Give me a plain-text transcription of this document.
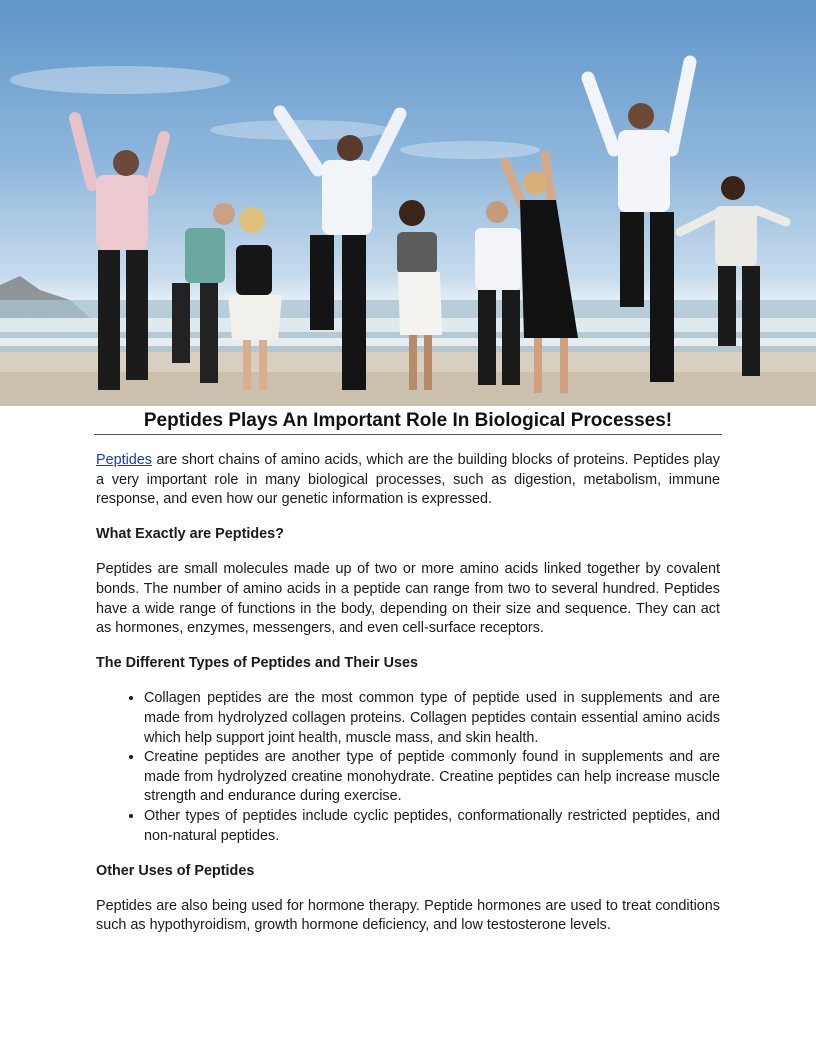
Peptides Plays An Important Role In Biological Processes!

Peptides are short chains of amino acids, which are the building blocks of proteins. Peptides play a very important role in many biological processes, such as digestion, metabolism, immune response, and even how our genetic information is expressed.

What Exactly are Peptides?

Peptides are small molecules made up of two or more amino acids linked together by covalent bonds. The number of amino acids in a peptide can range from two to several hundred. Peptides have a wide range of functions in the body, depending on their size and sequence. They can act as hormones, enzymes, messengers, and even cell-surface receptors.

The Different Types of Peptides and Their Uses
• Collagen peptides are the most common type of peptide used in supplements and are made from hydrolyzed collagen proteins. Collagen peptides contain essential amino acids which help support joint health, muscle mass, and skin health.
• Creatine peptides are another type of peptide commonly found in supplements and are made from hydrolyzed creatine monohydrate. Creatine peptides can help increase muscle strength and endurance during exercise.
• Other types of peptides include cyclic peptides, conformationally restricted peptides, and non-natural peptides.
Other Uses of Peptides

Peptides are also being used for hormone therapy. Peptide hormones are used to treat conditions such as hypothyroidism, growth hormone deficiency, and low testosterone levels.
